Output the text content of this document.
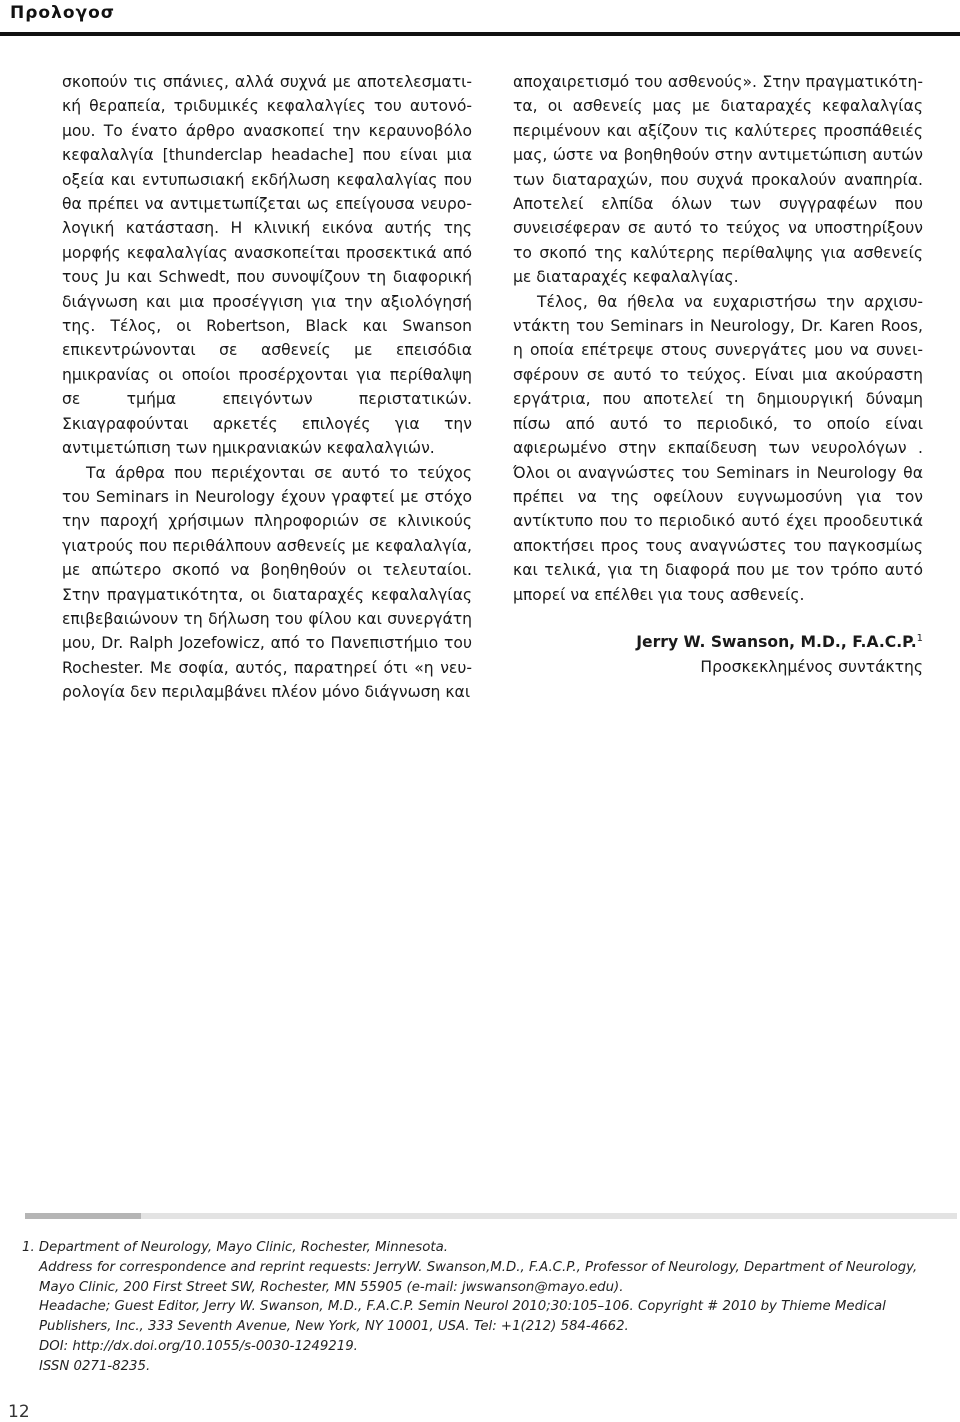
Προλογοσ

σκοπούν τις σπάνιες, αλλά συχνά με αποτελεσματική θεραπεία, τριδυμικές κεφαλαλγίες του αυτονόμου. Το ένατο άρθρο ανασκοπεί την κεραυνοβόλο κεφαλαλγία [thunderclap headache] που είναι μια οξεία και εντυπωσιακή εκδήλωση κεφαλαλγίας που θα πρέπει να αντιμετωπίζεται ως επείγουσα νευρολογική κατάσταση. Η κλινική εικόνα αυτής της μορφής κεφαλαλγίας ανασκοπείται προσεκτικά από τους Ju και Schwedt, που συνοψίζουν τη διαφορική διάγνωση και μια προσέγγιση για την αξιολόγησή της. Τέλος, οι Robertson, Black και Swanson επικεντρώνονται σε ασθενείς με επεισόδια ημικρανίας οι οποίοι προσέρχονται για περίθαλψη σε τμήμα επειγόντων περιστατικών. Σκιαγραφούνται αρκετές επιλογές για την αντιμετώπιση των ημικρανιακών κεφαλαλγιών.

Τα άρθρα που περιέχονται σε αυτό το τεύχος του Seminars in Neurology έχουν γραφτεί με στόχο την παροχή χρήσιμων πληροφοριών σε κλινικούς γιατρούς που περιθάλπουν ασθενείς με κεφαλαλγία, με απώτερο σκοπό να βοηθηθούν οι τελευταίοι. Στην πραγματικότητα, οι διαταραχές κεφαλαλγίας επιβεβαιώνουν τη δήλωση του φίλου και συνεργάτη μου, Dr. Ralph Jozefowicz, από το Πανεπιστήμιο του Rochester. Με σοφία, αυτός, παρατηρεί ότι «η νευρολογία δεν περιλαμβάνει πλέον μόνο διάγνωση και

αποχαιρετισμό του ασθενούς». Στην πραγματικότητα, οι ασθενείς μας με διαταραχές κεφαλαλγίας περιμένουν και αξίζουν τις καλύτερες προσπάθειές μας, ώστε να βοηθηθούν στην αντιμετώπιση αυτών των διαταραχών, που συχνά προκαλούν αναπηρία. Αποτελεί ελπίδα όλων των συγγραφέων που συνεισέφεραν σε αυτό το τεύχος να υποστηρίξουν το σκοπό της καλύτερης περίθαλψης για ασθενείς με διαταραχές κεφαλαλγίας.

Τέλος, θα ήθελα να ευχαριστήσω την αρχισυντάκτη του Seminars in Neurology, Dr. Karen Roos, η οποία επέτρεψε στους συνεργάτες μου να συνεισφέρουν σε αυτό το τεύχος. Είναι μια ακούραστη εργάτρια, που αποτελεί τη δημιουργική δύναμη πίσω από αυτό το περιοδικό, το οποίο είναι αφιερωμένο στην εκπαίδευση των νευρολόγων . Όλοι οι αναγνώστες του Seminars in Neurology θα πρέπει να της οφείλουν ευγνωμοσύνη για τον αντίκτυπο που το περιοδικό αυτό έχει προοδευτικά αποκτήσει προς τους αναγνώστες του παγκοσμίως και τελικά, για τη διαφορά που με τον τρόπο αυτό μπορεί να επέλθει για τους ασθενείς.

Jerry W. Swanson, M.D., F.A.C.P.$^1$
Προσκεκλημένος συντάκτης
1. Department of Neurology, Mayo Clinic, Rochester, Minnesota.
Address for correspondence and reprint requests: JerryW. Swanson,M.D., F.A.C.P., Professor of Neurology, Department of Neurology,
Mayo Clinic, 200 First Street SW, Rochester, MN 55905 (e-mail: jwswanson@mayo.edu).
Headache; Guest Editor, Jerry W. Swanson, M.D., F.A.C.P. Semin Neurol 2010;30:105–106. Copyright # 2010 by Thieme Medical
Publishers, Inc., 333 Seventh Avenue, New York, NY 10001, USA. Tel: +1(212) 584-4662.
DOI: http://dx.doi.org/10.1055/s-0030-1249219.
ISSN 0271-8235.
12
